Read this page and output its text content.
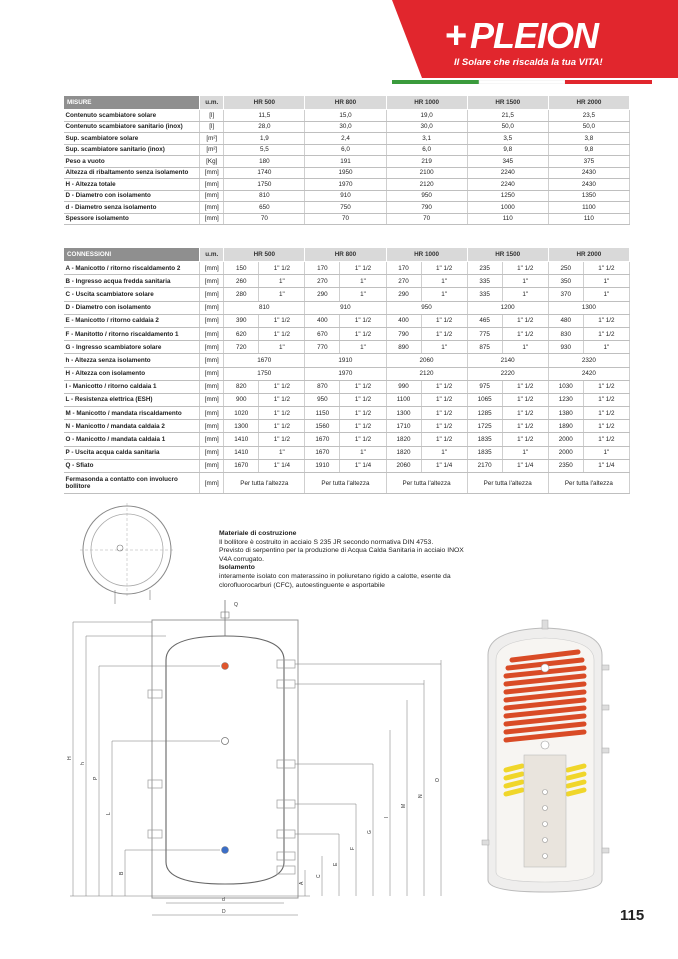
+ PLEION
Il Solare che riscalda la tua VITA!
MISURE	u.m.	HR 500	HR 800	HR 1000	HR 1500	HR 2000
Contenuto scambiatore solare	[l]	11,5	15,0	19,0	21,5	23,5
Contenuto scambiatore sanitario (inox)	[l]	28,0	30,0	30,0	50,0	50,0
Sup. scambiatore solare	[m²]	1,9	2,4	3,1	3,5	3,8
Sup. scambiatore sanitario (inox)	[m²]	5,5	6,0	6,0	9,8	9,8
Peso a vuoto	[Kg]	180	191	219	345	375
Altezza di ribaltamento senza isolamento	[mm]	1740	1950	2100	2240	2430
H - Altezza totale	[mm]	1750	1970	2120	2240	2430
D - Diametro con isolamento	[mm]	810	910	950	1250	1350
d - Diametro senza isolamento	[mm]	650	750	790	1000	1100
Spessore isolamento	[mm]	70	70	70	110	110
CONNESSIONI	u.m.	HR 500		HR 800		HR 1000		HR 1500		HR 2000	
A - Manicotto / ritorno riscaldamento 2	[mm]	150	1" 1/2	170	1" 1/2	170	1" 1/2	235	1" 1/2	250	1" 1/2
B - Ingresso acqua fredda sanitaria	[mm]	260	1"	270	1"	270	1"	335	1"	350	1"
C - Uscita scambiatore solare	[mm]	280	1"	290	1"	290	1"	335	1"	370	1"
D - Diametro con isolamento	[mm]	810		910		950		1200		1300	
E - Manicotto / ritorno caldaia 2	[mm]	390	1" 1/2	400	1" 1/2	400	1" 1/2	465	1" 1/2	480	1" 1/2
F - Manitotto / ritorno riscaldamento 1	[mm]	620	1" 1/2	670	1" 1/2	790	1" 1/2	775	1" 1/2	830	1" 1/2
G - Ingresso scambiatore solare	[mm]	720	1"	770	1"	890	1"	875	1"	930	1"
h - Altezza senza isolamento	[mm]	1670		1910		2060		2140		2320	
H - Altezza con isolamento	[mm]	1750		1970		2120		2220		2420	
I - Manicotto / ritorno caldaia 1	[mm]	820	1" 1/2	870	1" 1/2	990	1" 1/2	975	1" 1/2	1030	1" 1/2
L - Resistenza elettrica (ESH)	[mm]	900	1" 1/2	950	1" 1/2	1100	1" 1/2	1065	1" 1/2	1230	1" 1/2
M - Manicotto / mandata riscaldamento	[mm]	1020	1" 1/2	1150	1" 1/2	1300	1" 1/2	1285	1" 1/2	1380	1" 1/2
N - Manicotto / mandata caldaia 2	[mm]	1300	1" 1/2	1560	1" 1/2	1710	1" 1/2	1725	1" 1/2	1890	1" 1/2
O - Manicotto / mandata caldaia 1	[mm]	1410	1" 1/2	1670	1" 1/2	1820	1" 1/2	1835	1" 1/2	2000	1" 1/2
P - Uscita acqua calda sanitaria	[mm]	1410	1"	1670	1"	1820	1"	1835	1"	2000	1"
Q - Sfiato	[mm]	1670	1" 1/4	1910	1" 1/4	2060	1" 1/4	2170	1" 1/4	2350	1" 1/4
Fermasonda a contatto con involucro bollitore	[mm]	Per tutta l'altezza		Per tutta l'altezza		Per tutta l'altezza		Per tutta l'altezza		Per tutta l'altezza	
Materiale di costruzione
Il bollitore è costruito in acciaio S 235 JR secondo normativa DIN 4753.
Previsto di serpentino per la produzione di Acqua Calda Sanitaria in acciaio INOX
V4A corrugato.
Isolamento
interamente isolato con materassino in poliuretano rigido a calotte, esente da
clorofluorocarburi (CFC), autoestinguente e asportabile
H
h
P
L
B
A
C
E
F
G
I
M
N
O
Q
d
D	115
